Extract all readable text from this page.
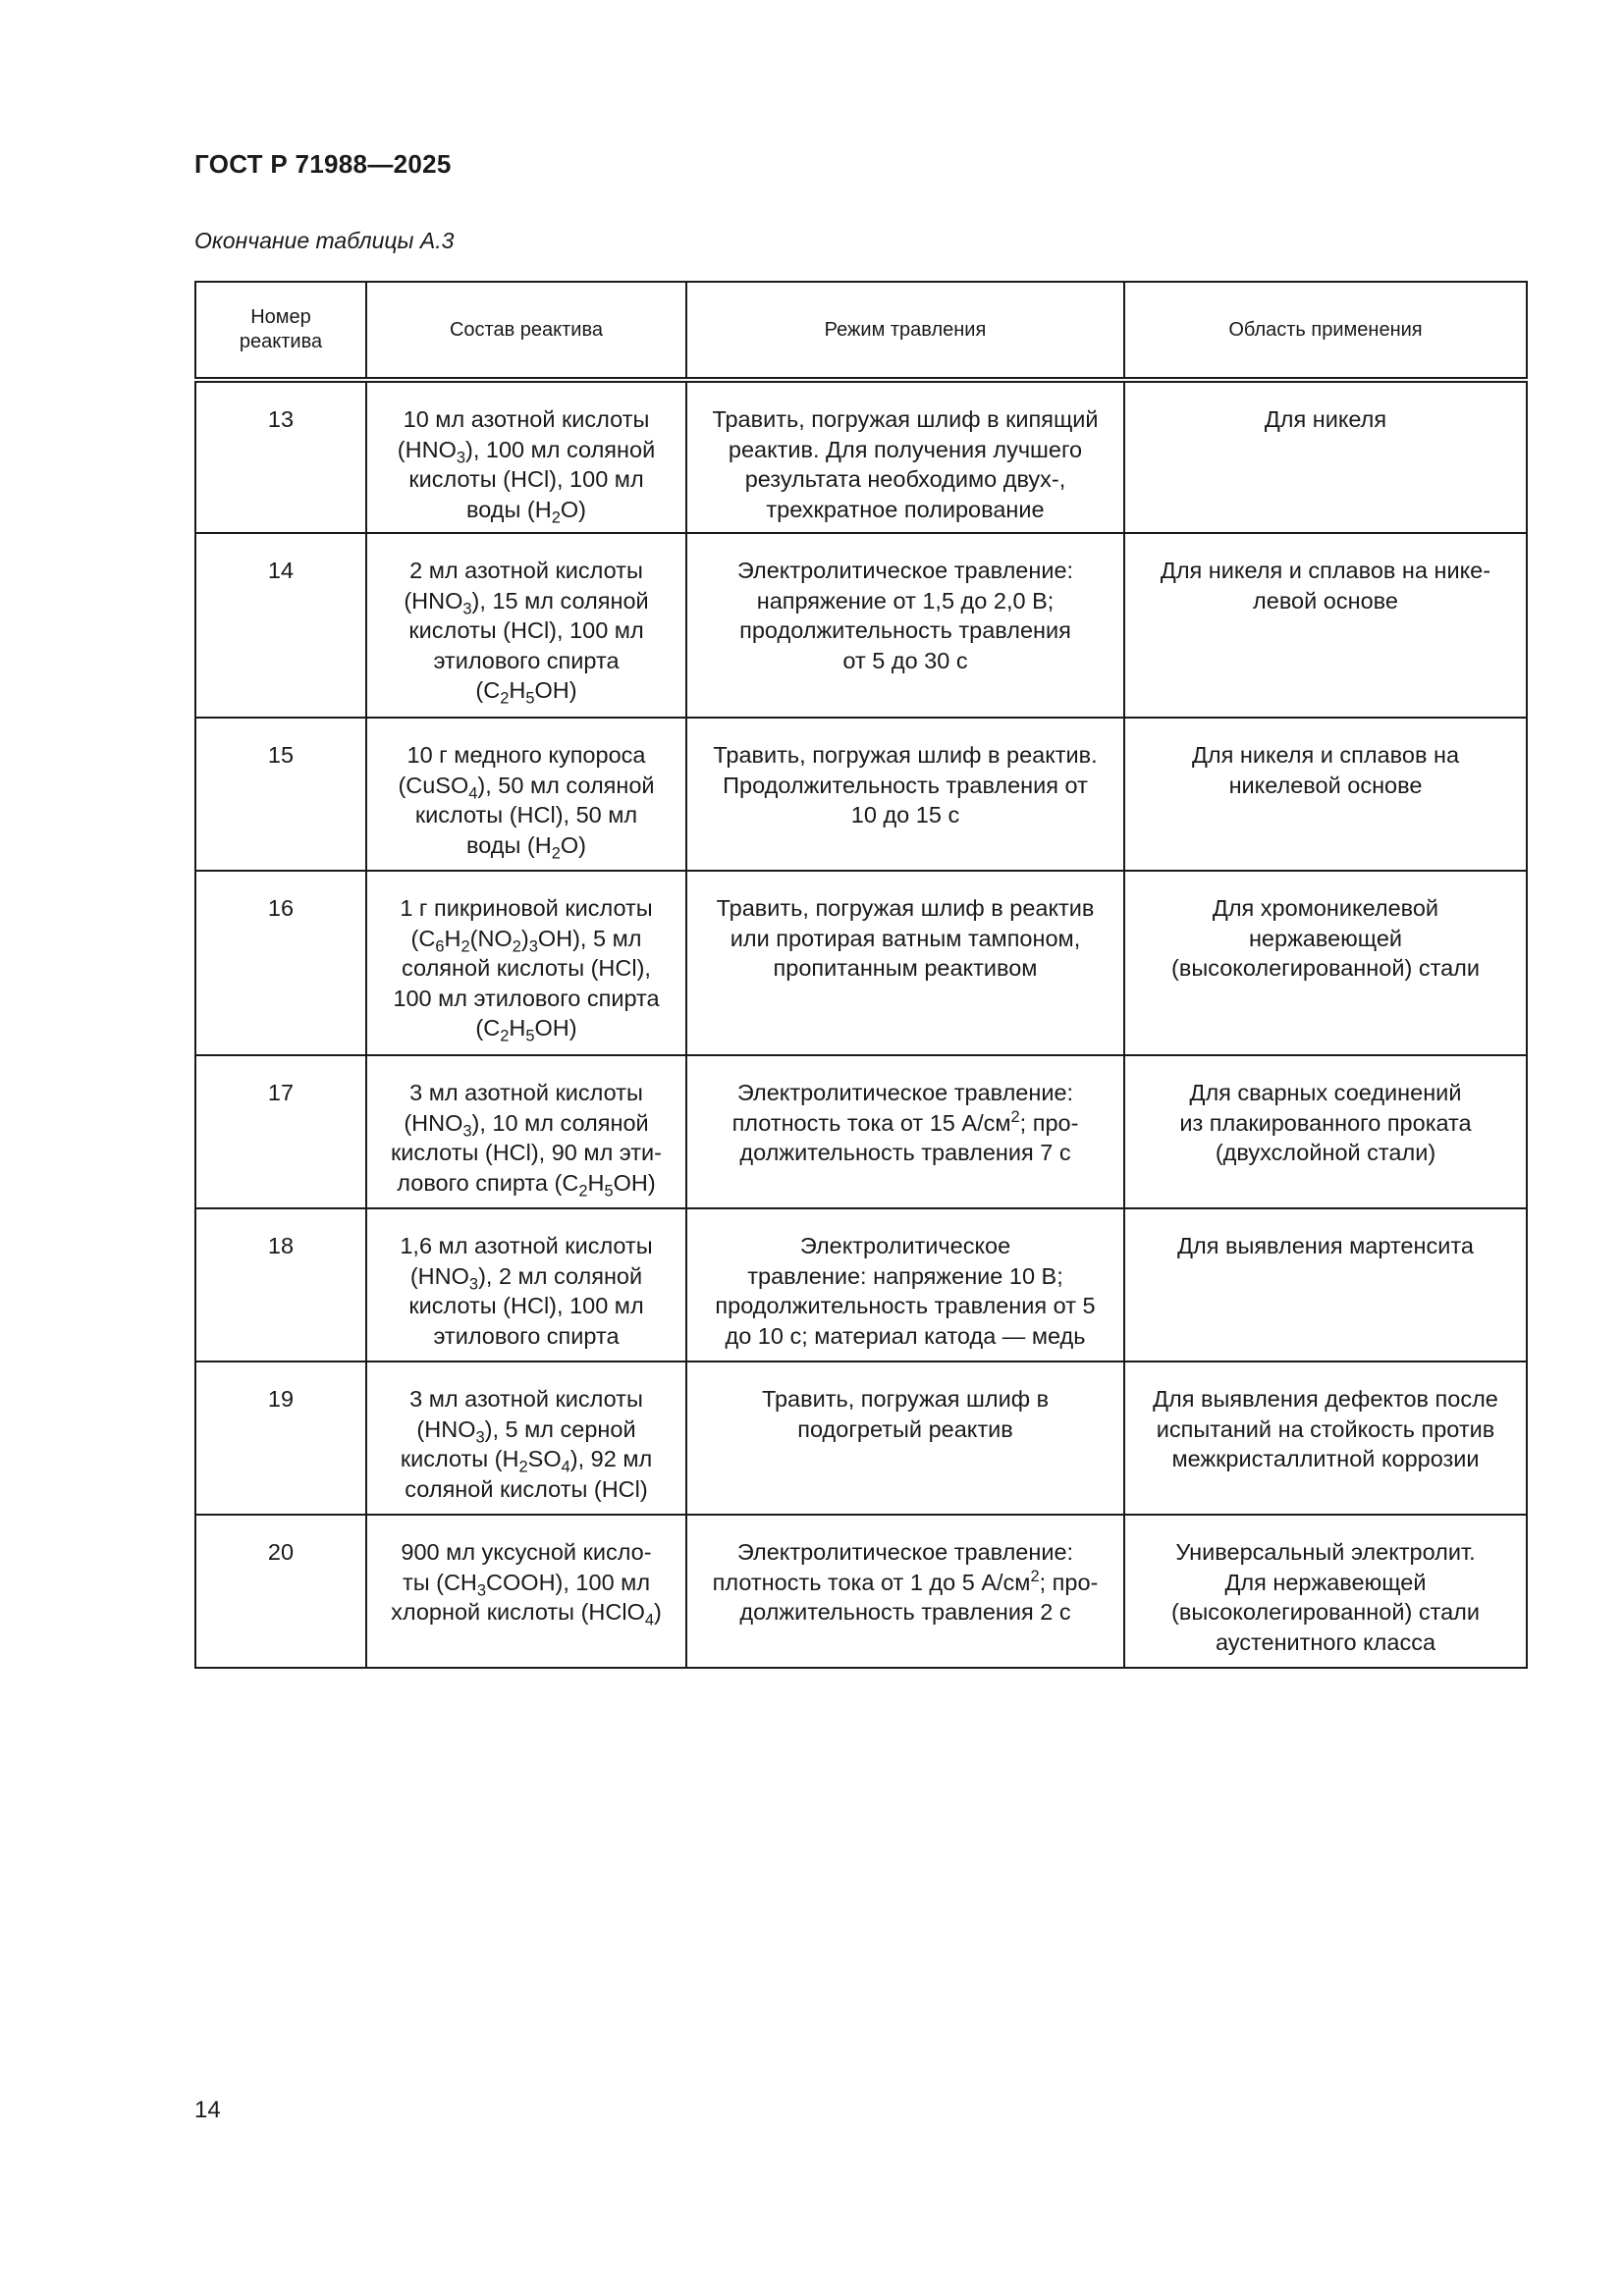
ГОСТ Р 71988—2025
Окончание таблицы А.3
Номер
реактива	Состав реактива	Режим травления	Область применения
13	10 мл азотной кислоты
$(HNO_3)$, 100 мл соляной
кислоты (HCl), 100 мл
воды $(H_2O)$	Травить, погружая шлиф в кипящий
реактив. Для получения лучшего
результата необходимо двух-,
трехкратное полирование	Для никеля
14	2 мл азотной кислоты
$(HNO_3)$, 15 мл соляной
кислоты (HCl), 100 мл
этилового спирта
$(C_2H_5OH)$	Электролитическое травление:
напряжение от 1,5 до 2,0 В;
продолжительность травления
от 5 до 30 с	Для никеля и сплавов на нике-
левой основе
15	10 г медного купороса
(CuSO$_4$), 50 мл соляной
кислоты (HCl), 50 мл
воды $(H_2O)$	Травить, погружая шлиф в реактив.
Продолжительность травления от
10 до 15 с	Для никеля и сплавов на
никелевой основе
16	1 г пикриновой кислоты
$(C_6H_2(NO_2)_3OH)$, 5 мл
соляной кислоты (HCl),
100 мл этилового спирта
$(C_2H_5OH)$	Травить, погружая шлиф в реактив
или протирая ватным тампоном,
пропитанным реактивом	Для хромоникелевой
нержавеющей
(высоколегированной) стали
17	3 мл азотной кислоты
$(HNO_3)$, 10 мл соляной
кислоты (HCl), 90 мл эти-
лового спирта $(C_2H_5OH)$	Электролитическое травление:
плотность тока от 15 $А/см^2$; про-
должительность травления 7 с	Для сварных соединений
из плакированного проката
(двухслойной стали)
18	1,6 мл азотной кислоты
$(HNO_3)$, 2 мл соляной
кислоты (HCl), 100 мл
этилового спирта	Электролитическое
травление: напряжение 10 В;
продолжительность травления от 5
до 10 с; материал катода — медь	Для выявления мартенсита
19	3 мл азотной кислоты
$(HNO_3)$, 5 мл серной
кислоты $(H_2SO_4)$, 92 мл
соляной кислоты (HCl)	Травить, погружая шлиф в
подогретый реактив	Для выявления дефектов после
испытаний на стойкость против
межкристаллитной коррозии
20	900 мл уксусной кисло-
ты $(CH_3COOH)$, 100 мл
хлорной кислоты (HClO$_4$)	Электролитическое травление:
плотность тока от 1 до 5 $А/см^2$; про-
должительность травления 2 с	Универсальный электролит.
Для нержавеющей
(высоколегированной) стали
аустенитного класса
14
